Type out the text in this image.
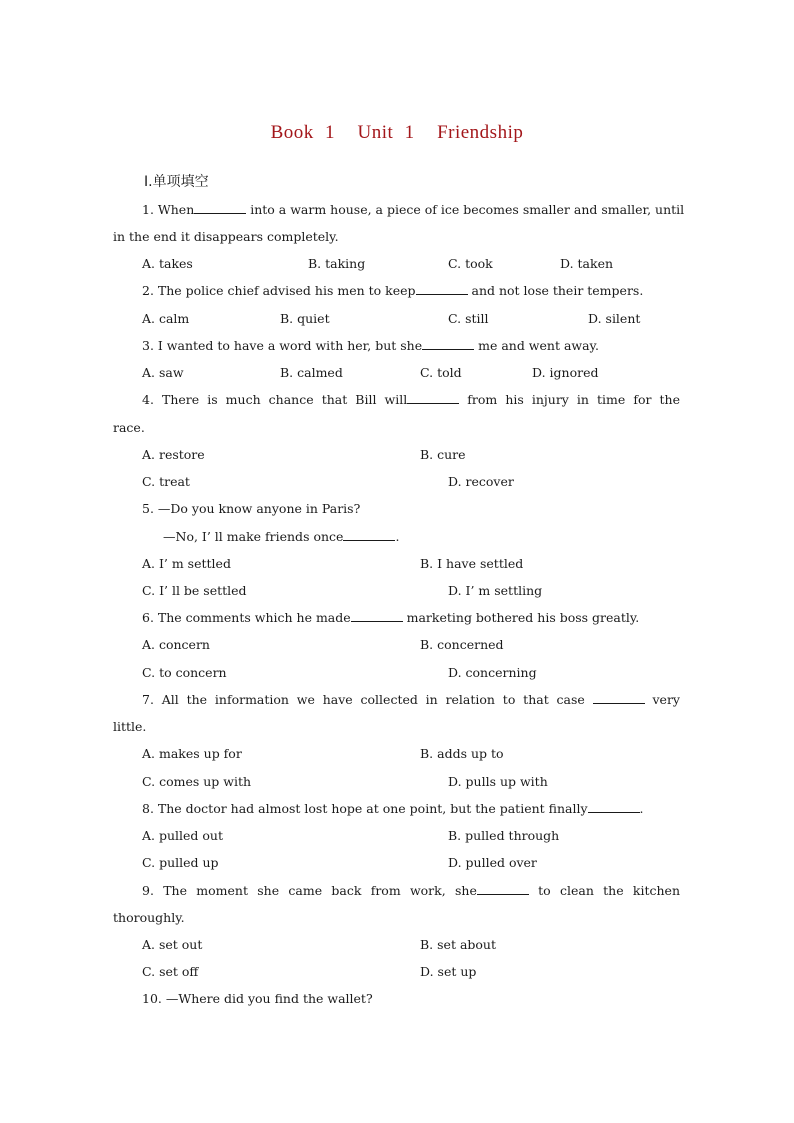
Book 1  Unit 1  Friendship
Ⅰ.单项填空
1. When	into a warm house, a piece of ice becomes smaller and smaller, until
in the end it disappears completely.
A. takes	B. taking	C. took	D. taken
2. The police chief advised his men to keep	and not lose their tempers.
A. calm	B. quiet	C. still	D. silent
3. I wanted to have a word with her, but she	me and went away.
A. saw	B. calmed	C. told	D. ignored
4. There is much chance that Bill will	from his injury in time for the
race.
A. restore	B. cure
C. treat	D. recover
5. —Do you know anyone in Paris?
—No, I’ ll make friends once	.
A. I’ m settled	B. I have settled
C. I’ ll be settled	D. I’ m settling
6. The comments which he made	marketing bothered his boss greatly.
A. concern	B. concerned
C. to concern	D. concerning
7. All the information we have collected in relation to that case	very
little.
A. makes up for	B. adds up to
C. comes up with	D. pulls up with
8. The doctor had almost lost hope at one point, but the patient finally	.
A. pulled out	B. pulled through
C. pulled up	D. pulled over
9. The moment she came back from work, she	to clean the kitchen
thoroughly.
A. set out	B. set about
C. set off	D. set up
10. —Where did you find the wallet?
